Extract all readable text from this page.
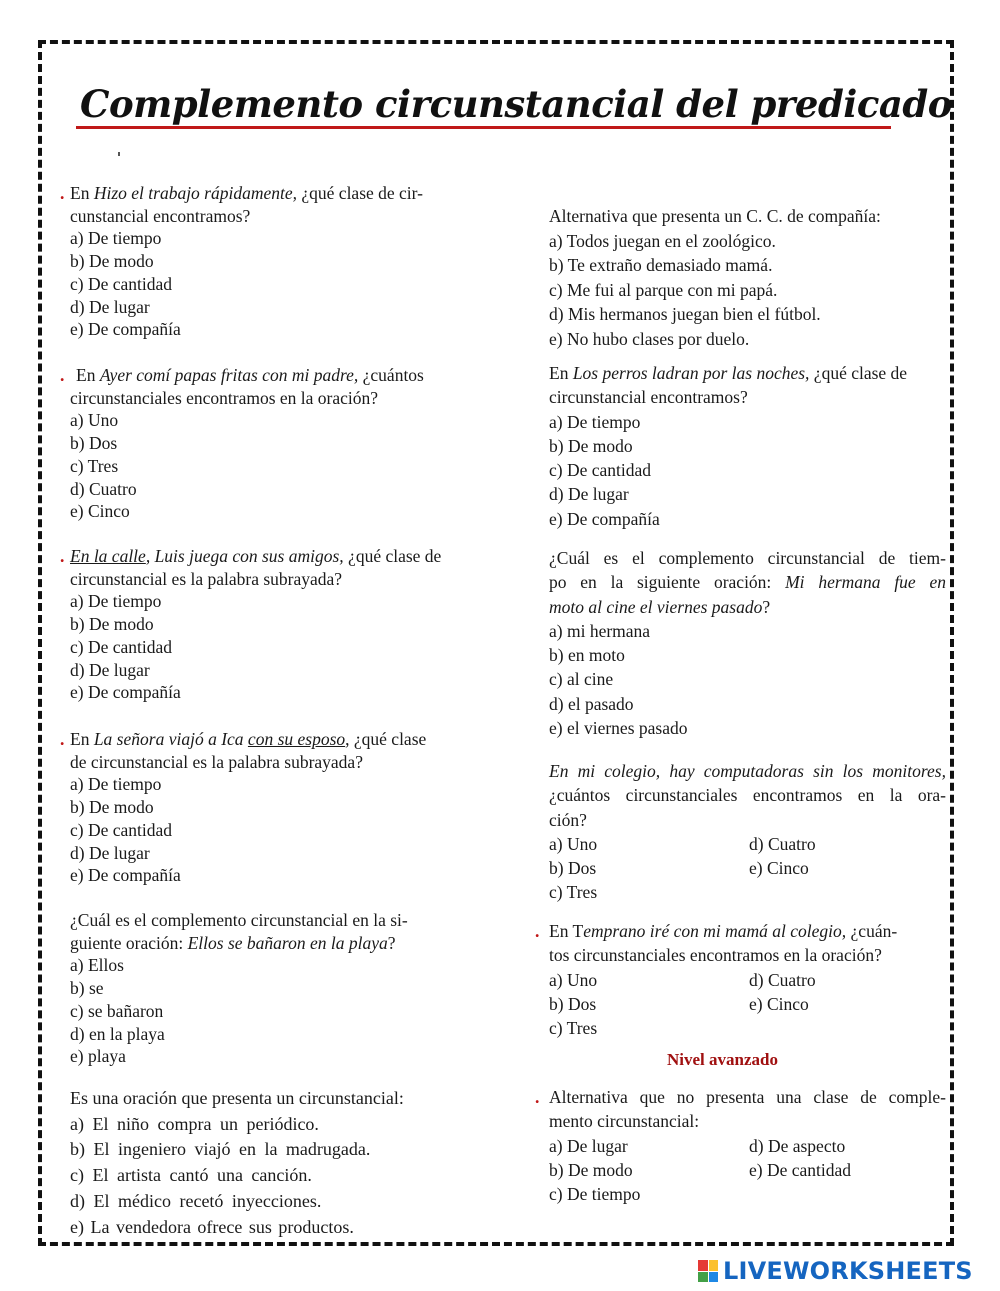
Complemento circunstancial del predicado
. En Hizo el trabajo rápidamente, ¿qué clase de cir-
cunstancial encontramos?
a) De tiempo
b) De modo
c) De cantidad
d) De lugar
e) De compañía
. En Ayer comí papas fritas con mi padre, ¿cuántos
circunstanciales encontramos en la oración?
a) Uno
b) Dos
c) Tres
d) Cuatro
e) Cinco
. En la calle, Luis juega con sus amigos, ¿qué clase de
circunstancial es la palabra subrayada?
a) De tiempo
b) De modo
c) De cantidad
d) De lugar
e) De compañía
. En La señora viajó a Ica con su esposo, ¿qué clase
de circunstancial es la palabra subrayada?
a) De tiempo
b) De modo
c) De cantidad
d) De lugar
e) De compañía
¿Cuál es el complemento circunstancial en la si-
guiente oración: Ellos se bañaron en la playa?
a) Ellos
b) se
c) se bañaron
d) en la playa
e) playa
Es una oración que presenta un circunstancial:
a) El niño compra un periódico.
b) El ingeniero viajó en la madrugada.
c) El artista cantó una canción.
d) El médico recetó inyecciones.
e) La vendedora ofrece sus productos.
Alternativa que presenta un C. C. de compañía:
a) Todos juegan en el zoológico.
b) Te extraño demasiado mamá.
c) Me fui al parque con mi papá.
d) Mis hermanos juegan bien el fútbol.
e) No hubo clases por duelo.
En Los perros ladran por las noches, ¿qué clase de
circunstancial encontramos?
a) De tiempo
b) De modo
c) De cantidad
d) De lugar
e) De compañía
¿Cuál es el complemento circunstancial de tiem-
po en la siguiente oración: Mi hermana fue en
moto al cine el viernes pasado?
a) mi hermana
b) en moto
c) al cine
d) el pasado
e) el viernes pasado
En mi colegio, hay computadoras sin los monitores,
¿cuántos circunstanciales encontramos en la ora-
ción?
a) Uno	d) Cuatro
b) Dos	e) Cinco
c) Tres
. En Temprano iré con mi mamá al colegio, ¿cuán-
tos circunstanciales encontramos en la oración?
a) Uno	d) Cuatro
b) Dos	e) Cinco
c) Tres
Nivel avanzado
. Alternativa que no presenta una clase de comple-
mento circunstancial:
a) De lugar	d) De aspecto
b) De modo	e) De cantidad
c) De tiempo
LIVEWORKSHEETS
